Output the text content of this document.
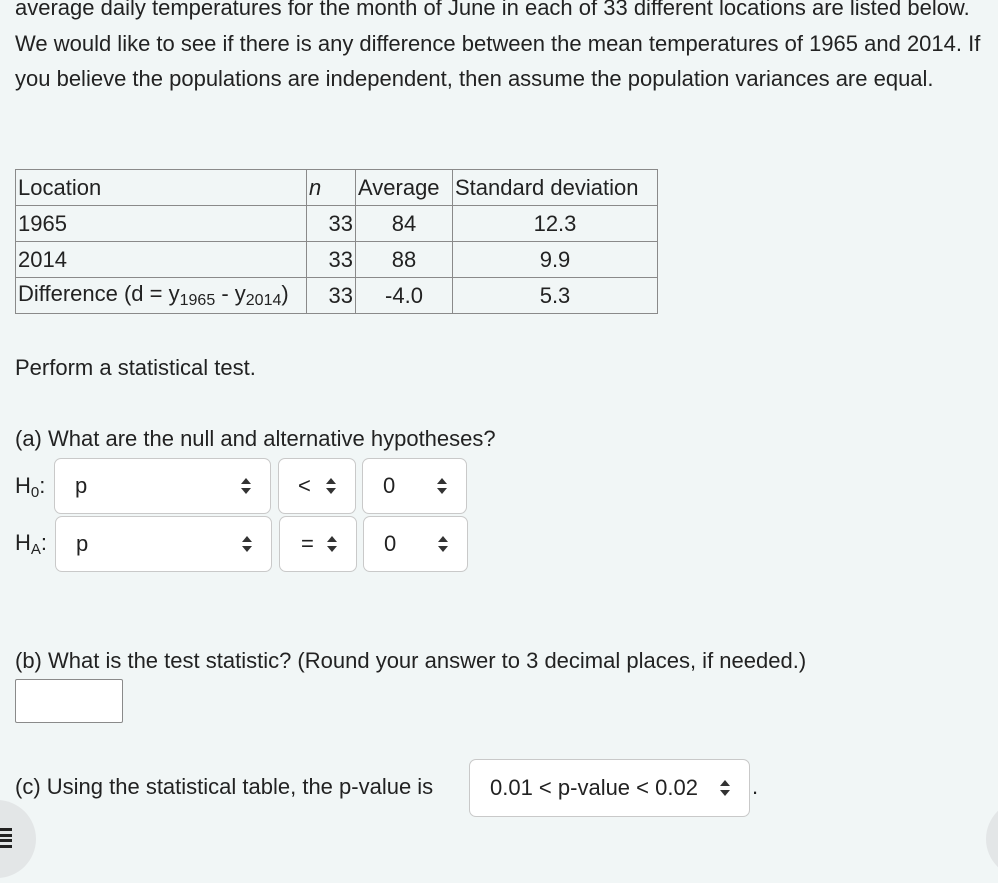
average daily temperatures for the month of June in each of 33 different locations are listed below. We would like to see if there is any difference between the mean temperatures of 1965 and 2014. If you believe the populations are independent, then assume the population variances are equal.

Location	n	Average	Standard deviation
1965	33	84	12.3
2014	33	88	9.9
Difference $(d = y_{1965} - y_{2014})$	33	-4.0	5.3

Perform a statistical test.

(a) What are the null and alternative hypotheses?

$H_0$: p	<	0
$H_A$: p	=	0

(b) What is the test statistic? (Round your answer to 3 decimal places, if needed.)

(c) Using the statistical table, the p-value is	0.01 < p-value < 0.02 .
